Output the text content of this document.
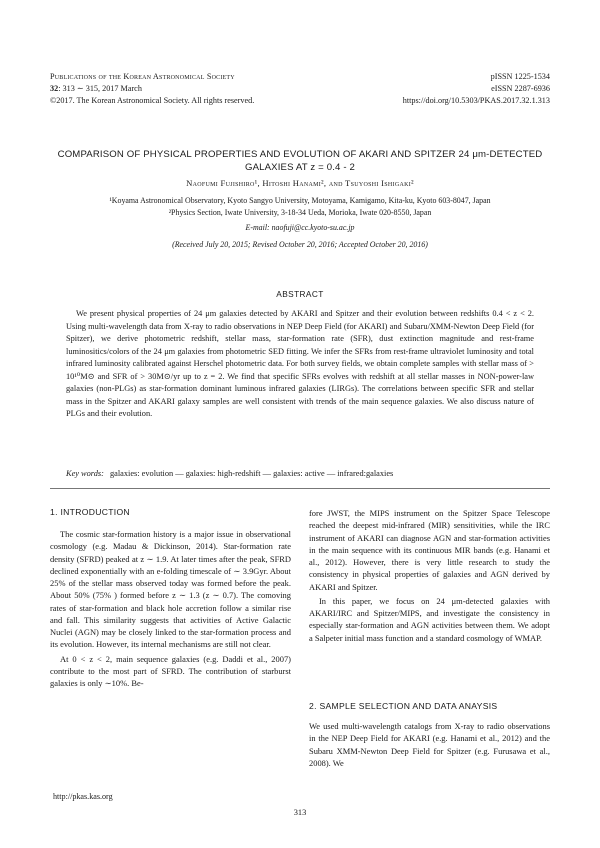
Publications of the Korean Astronomical Society
32: 313 ∼ 315, 2017 March
©2017. The Korean Astronomical Society. All rights reserved.
pISSN 1225-1534
eISSN 2287-6936
https://doi.org/10.5303/PKAS.2017.32.1.313
COMPARISON OF PHYSICAL PROPERTIES AND EVOLUTION OF AKARI AND SPITZER 24 μm-DETECTED
GALAXIES AT z = 0.4 - 2
Naofumi Fujishiro¹, Hitoshi Hanami², and Tsuyoshi Ishigaki²
¹Koyama Astronomical Observatory, Kyoto Sangyo University, Motoyama, Kamigamo, Kita-ku, Kyoto 603-8047, Japan
²Physics Section, Iwate University, 3-18-34 Ueda, Morioka, Iwate 020-8550, Japan
E-mail: naofuji@cc.kyoto-su.ac.jp
(Received July 20, 2015; Revised October 20, 2016; Accepted October 20, 2016)
ABSTRACT

We present physical properties of 24 μm galaxies detected by AKARI and Spitzer and their evolution between redshifts 0.4 < z < 2. Using multi-wavelength data from X-ray to radio observations in NEP Deep Field (for AKARI) and Subaru/XMM-Newton Deep Field (for Spitzer), we derive photometric redshift, stellar mass, star-formation rate (SFR), dust extinction magnitude and rest-frame luminositics/colors of the 24 μm galaxies from photometric SED fitting. We infer the SFRs from rest-frame ultraviolet luminosity and total infrared luminosity calibrated against Herschel photometric data. For both survey fields, we obtain complete samples with stellar mass of > 10¹⁰M⊙ and SFR of > 30M⊙/yr up to z = 2. We find that specific SFRs evolves with redshift at all stellar masses in NON-power-law galaxies (non-PLGs) as star-formation dominant luminous infrared galaxies (LIRGs). The correlations between specific SFR and stellar mass in the Spitzer and AKARI galaxy samples are well consistent with trends of the main sequence galaxies. We also discuss nature of PLGs and their evolution.

Key words: galaxies: evolution — galaxies: high-redshift — galaxies: active — infrared:galaxies
1. INTRODUCTION

The cosmic star-formation history is a major issue in observational cosmology (e.g. Madau & Dickinson, 2014). Star-formation rate density (SFRD) peaked at z ∼ 1.9. At later times after the peak, SFRD declined exponentially with an e-folding timescale of ∼ 3.9Gyr. About 25% of the stellar mass observed today was formed before the peak. About 50% (75% ) formed before z ∼ 1.3 (z ∼ 0.7). The comoving rates of star-formation and black hole accretion follow a similar rise and fall. This similarity suggests that activities of Active Galactic Nuclei (AGN) may be closely linked to the star-formation process and its evolution. However, its internal mechanisms are still not clear.

At 0 < z < 2, main sequence galaxies (e.g. Daddi et al., 2007) contribute to the most part of SFRD. The contribution of starburst galaxies is only ∼10%. Be-

fore JWST, the MIPS instrument on the Spitzer Space Telescope reached the deepest mid-infrared (MIR) sensitivities, while the IRC instrument of AKARI can diagnose AGN and star-formation activities in the main sequence with its continuous MIR bands (e.g. Hanami et al., 2012). However, there is very little research to study the consistency in physical properties of galaxies and AGN derived by AKARI and Spitzer.

In this paper, we focus on 24 μm-detected galaxies with AKARI/IRC and Spitzer/MIPS, and investigate the consistency in especially star-formation and AGN activities between them. We adopt a Salpeter initial mass function and a standard cosmology of WMAP.

2. SAMPLE SELECTION AND DATA ANAYSIS

We used multi-wavelength catalogs from X-ray to radio observations in the NEP Deep Field for AKARI (e.g. Hanami et al., 2012) and the Subaru XMM-Newton Deep Field for Spitzer (e.g. Furusawa et al., 2008). We

http://pkas.kas.org
313
